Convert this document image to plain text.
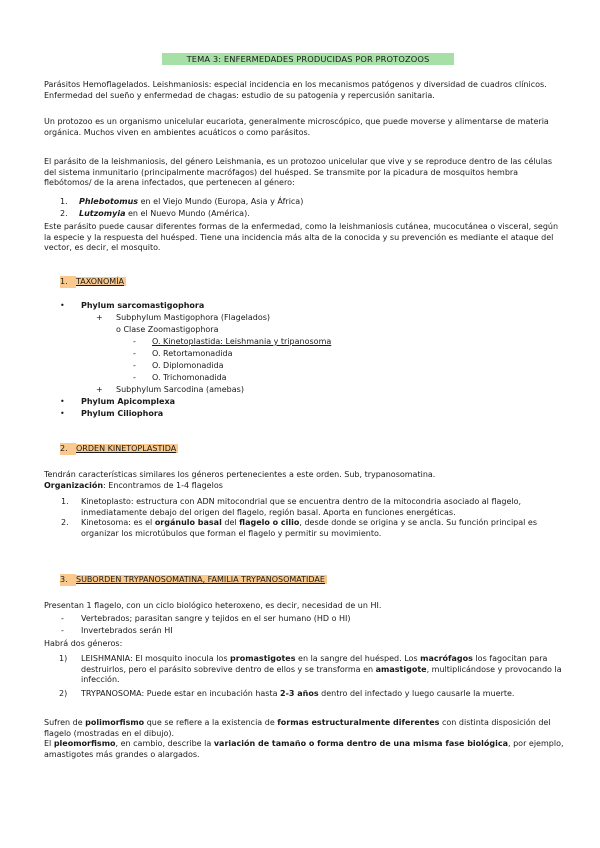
TEMA 3: ENFERMEDADES PRODUCIDAS POR PROTOZOOS

Parásitos Hemoflagelados. Leishmaniosis: especial incidencia en los mecanismos patógenos y diversidad de cuadros clínicos. Enfermedad del sueño y enfermedad de chagas: estudio de su patogenia y repercusión sanitaria.

Un protozoo es un organismo unicelular eucariota, generalmente microscópico, que puede moverse y alimentarse de materia orgánica. Muchos viven en ambientes acuáticos o como parásitos.

El parásito de la leishmaniosis, del género Leishmania, es un protozoo unicelular que vive y se reproduce dentro de las células del sistema inmunitario (principalmente macrófagos) del huésped. Se transmite por la picadura de mosquitos hembra flebótomos/ de la arena infectados, que pertenecen al género:

1. Phlebotomus en el Viejo Mundo (Europa, Asia y África)
2. Lutzomyia en el Nuevo Mundo (América).

Este parásito puede causar diferentes formas de la enfermedad, como la leishmaniosis cutánea, mucocutánea o visceral, según la especie y la respuesta del huésped. Tiene una incidencia más alta de la conocida y su prevención es mediante el ataque del vector, es decir, el mosquito.

1. TAXONOMÍA
• Phylum sarcomastigophora
+ Subphylum Mastigophora (Flagelados)
o Clase Zoomastigophora
- O. Kinetoplastida: Leishmania y tripanosoma
- O. Retortamonadida
- O. Diplomonadida
- O. Trichomonadida
+ Subphylum Sarcodina (amebas)
• Phylum Apicomplexa
• Phylum Ciliophora
2. ORDEN KINETOPLASTIDA

Tendrán características similares los géneros pertenecientes a este orden. Sub, trypanosomatina.

Organización: Encontramos de 1-4 flagelos

1. Kinetoplasto: estructura con ADN mitocondrial que se encuentra dentro de la mitocondria asociado al flagelo, inmediatamente debajo del origen del flagelo, región basal. Aporta en funciones energéticas.
2. Kinetosoma: es el orgánulo basal del flagelo o cilio, desde donde se origina y se ancla. Su función principal es organizar los microtúbulos que forman el flagelo y permitir su movimiento.
3. SUBORDEN TRYPANOSOMATINA, FAMILIA TRYPANOSOMATIDAE

Presentan 1 flagelo, con un ciclo biológico heteroxeno, es decir, necesidad de un HI.

- Vertebrados; parasitan sangre y tejidos en el ser humano (HD o HI)
- Invertebrados serán HI

Habrá dos géneros:

1) LEISHMANIA: El mosquito inocula los promastigotes en la sangre del huésped. Los macrófagos los fagocitan para destruirlos, pero el parásito sobrevive dentro de ellos y se transforma en amastigote, multiplicándose y provocando la infección.
2) TRYPANOSOMA: Puede estar en incubación hasta 2-3 años dentro del infectado y luego causarle la muerte.

Sufren de polimorfismo que se refiere a la existencia de formas estructuralmente diferentes con distinta disposición del flagelo (mostradas en el dibujo).

El pleomorfismo, en cambio, describe la variación de tamaño o forma dentro de una misma fase biológica, por ejemplo, amastigotes más grandes o alargados.
